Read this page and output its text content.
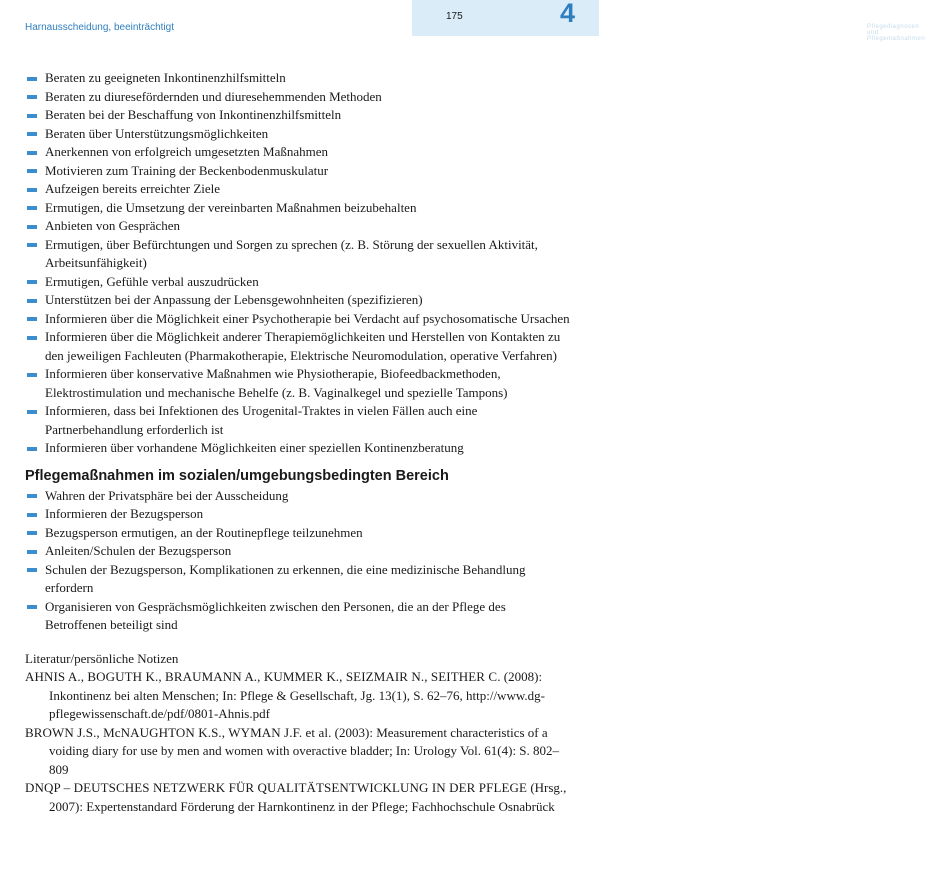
Harnausscheidung, beeinträchtigt	Pflegediagnosen und Pflegemaßnahmen
175	4
Beraten zu geeigneten Inkontinenzhilfsmitteln
Beraten zu diuresefördernden und diuresehemmenden Methoden
Beraten bei der Beschaffung von Inkontinenzhilfsmitteln
Beraten über Unterstützungsmöglichkeiten
Anerkennen von erfolgreich umgesetzten Maßnahmen
Motivieren zum Training der Beckenbodenmuskulatur
Aufzeigen bereits erreichter Ziele
Ermutigen, die Umsetzung der vereinbarten Maßnahmen beizubehalten
Anbieten von Gesprächen
Ermutigen, über Befürchtungen und Sorgen zu sprechen (z. B. Störung der sexuellen Aktivität, Arbeitsunfähigkeit)
Ermutigen, Gefühle verbal auszudrücken
Unterstützen bei der Anpassung der Lebensgewohnheiten (spezifizieren)
Informieren über die Möglichkeit einer Psychotherapie bei Verdacht auf psychosomatische Ursachen
Informieren über die Möglichkeit anderer Therapiemöglichkeiten und Herstellen von Kontakten zu den jeweiligen Fachleuten (Pharmakotherapie, Elektrische Neuromodulation, operative Verfahren)
Informieren über konservative Maßnahmen wie Physiotherapie, Biofeedbackmethoden, Elektrostimulation und mechanische Behelfe (z. B. Vaginalkegel und spezielle Tampons)
Informieren, dass bei Infektionen des Urogenital-Traktes in vielen Fällen auch eine Partnerbehandlung erforderlich ist
Informieren über vorhandene Möglichkeiten einer speziellen Kontinenzberatung
Pflegemaßnahmen im sozialen/umgebungsbedingten Bereich
Wahren der Privatsphäre bei der Ausscheidung
Informieren der Bezugsperson
Bezugsperson ermutigen, an der Routinepflege teilzunehmen
Anleiten/Schulen der Bezugsperson
Schulen der Bezugsperson, Komplikationen zu erkennen, die eine medizinische Behandlung erfordern
Organisieren von Gesprächsmöglichkeiten zwischen den Personen, die an der Pflege des Betroffenen beteiligt sind
Literatur/persönliche Notizen
AHNIS A., BOGUTH K., BRAUMANN A., KUMMER K., SEIZMAIR N., SEITHER C. (2008): Inkontinenz bei alten Menschen; In: Pflege & Gesellschaft, Jg. 13(1), S. 62–76, http://www.dg-pflegewissenschaft.de/pdf/0801-Ahnis.pdf
BROWN J.S., McNAUGHTON K.S., WYMAN J.F. et al. (2003): Measurement characteristics of a voiding diary for use by men and women with overactive bladder; In: Urology Vol. 61(4): S. 802–809
DNQP – DEUTSCHES NETZWERK FÜR QUALITÄTSENTWICKLUNG IN DER PFLEGE (Hrsg., 2007): Expertenstandard Förderung der Harnkontinenz in der Pflege; Fachhochschule Osnabrück
